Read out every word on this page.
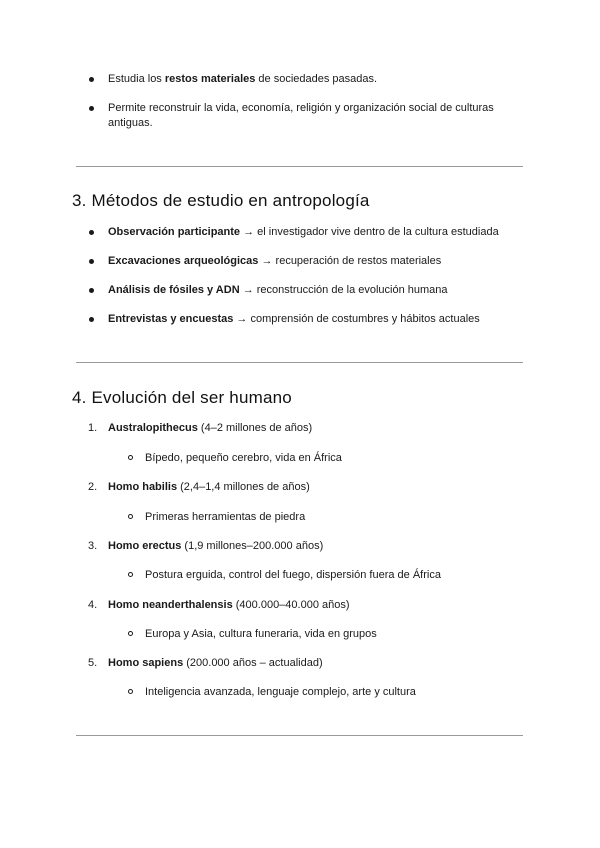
Estudia los restos materiales de sociedades pasadas.
Permite reconstruir la vida, economía, religión y organización social de culturas antiguas.
3. Métodos de estudio en antropología
Observación participante → el investigador vive dentro de la cultura estudiada
Excavaciones arqueológicas → recuperación de restos materiales
Análisis de fósiles y ADN → reconstrucción de la evolución humana
Entrevistas y encuestas → comprensión de costumbres y hábitos actuales
4. Evolución del ser humano
1. Australopithecus (4–2 millones de años)
Bípedo, pequeño cerebro, vida en África
2. Homo habilis (2,4–1,4 millones de años)
Primeras herramientas de piedra
3. Homo erectus (1,9 millones–200.000 años)
Postura erguida, control del fuego, dispersión fuera de África
4. Homo neanderthalensis (400.000–40.000 años)
Europa y Asia, cultura funeraria, vida en grupos
5. Homo sapiens (200.000 años – actualidad)
Inteligencia avanzada, lenguaje complejo, arte y cultura
